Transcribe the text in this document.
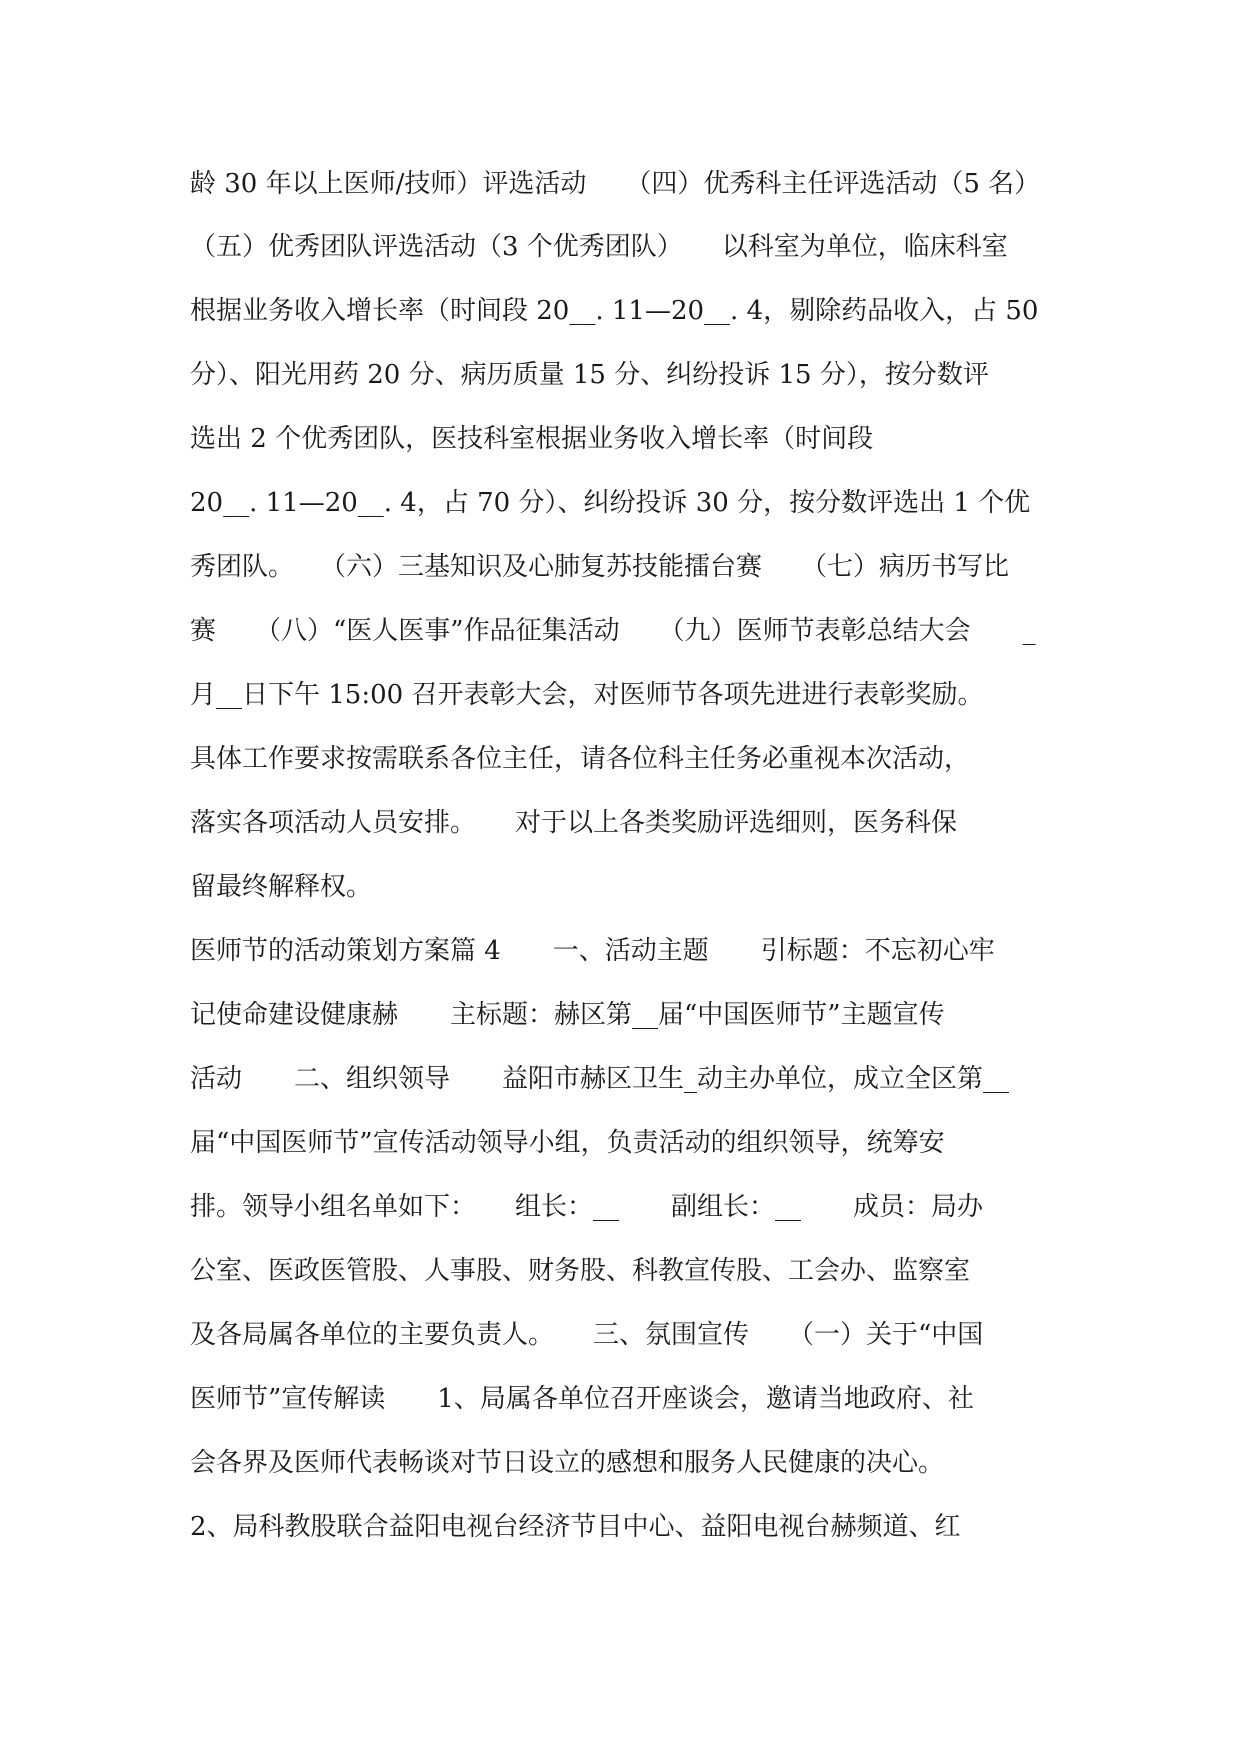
龄 30 年以上医师/技师）评选活动　　（四）优秀科主任评选活动（5 名）
（五）优秀团队评选活动（3 个优秀团队）　　以科室为单位，临床科室
根据业务收入增长率（时间段 20__. 11—20__. 4，剔除药品收入，占 50
分）、阳光用药 20 分、病历质量 15 分、纠纷投诉 15 分），按分数评
选出 2 个优秀团队，医技科室根据业务收入增长率（时间段
20__. 11—20__. 4，占 70 分）、纠纷投诉 30 分，按分数评选出 1 个优
秀团队。　　（六）三基知识及心肺复苏技能擂台赛　　（七）病历书写比
赛　　（八）“医人医事”作品征集活动　　（九）医师节表彰总结大会　　_
月__日下午 15:00 召开表彰大会，对医师节各项先进进行表彰奖励。
具体工作要求按需联系各位主任，请各位科主任务必重视本次活动，
落实各项活动人员安排。　　对于以上各类奖励评选细则，医务科保
留最终解释权。
医师节的活动策划方案篇 4　　一、活动主题　　引标题：不忘初心牢
记使命建设健康赫　　主标题：赫区第__届“中国医师节”主题宣传
活动　　二、组织领导　　益阳市赫区卫生_动主办单位，成立全区第__
届“中国医师节”宣传活动领导小组，负责活动的组织领导，统筹安
排。领导小组名单如下：　　组长：__　　副组长：__　　成员：局办
公室、医政医管股、人事股、财务股、科教宣传股、工会办、监察室
及各局属各单位的主要负责人。　　三、氛围宣传　　（一）关于“中国
医师节”宣传解读　　1、局属各单位召开座谈会，邀请当地政府、社
会各界及医师代表畅谈对节日设立的感想和服务人民健康的决心。
2、局科教股联合益阳电视台经济节目中心、益阳电视台赫频道、红
